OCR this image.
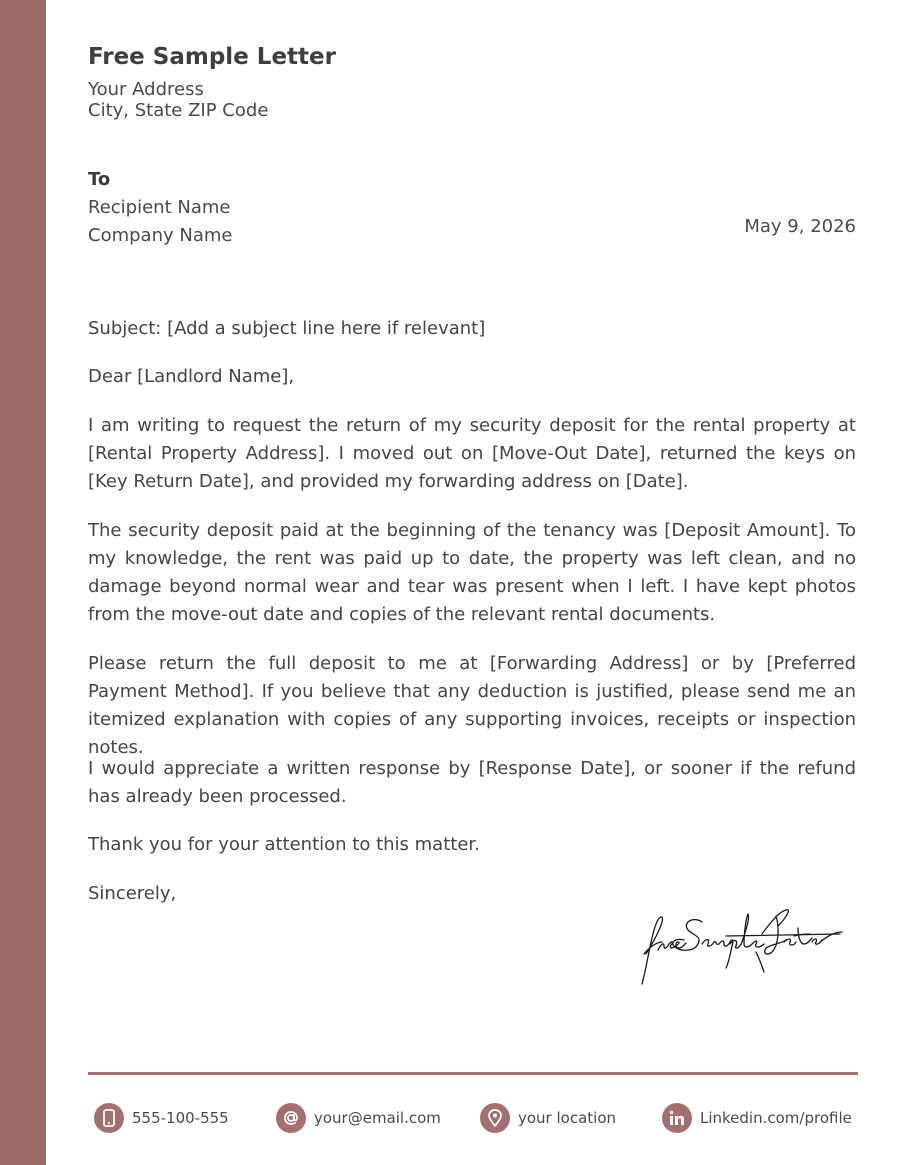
Free Sample Letter
Your Address
City, State ZIP Code
To
Recipient Name
Company Name	May 9, 2026

Subject: [Add a subject line here if relevant]

Dear [Landlord Name],

I am writing to request the return of my security deposit for the rental property at [Rental Property Address]. I moved out on [Move-Out Date], returned the keys on [Key Return Date], and provided my forwarding address on [Date].

The security deposit paid at the beginning of the tenancy was [Deposit Amount]. To my knowledge, the rent was paid up to date, the property was left clean, and no damage beyond normal wear and tear was present when I left. I have kept photos from the move-out date and copies of the relevant rental documents.

Please return the full deposit to me at [Forwarding Address] or by [Preferred Payment Method]. If you believe that any deduction is justified, please send me an itemized explanation with copies of any supporting invoices, receipts or inspection notes.

I would appreciate a written response by [Response Date], or sooner if the refund has already been processed.

Thank you for your attention to this matter.

Sincerely,

555-100-555	your@email.com	your location	Linkedin.com/profile
